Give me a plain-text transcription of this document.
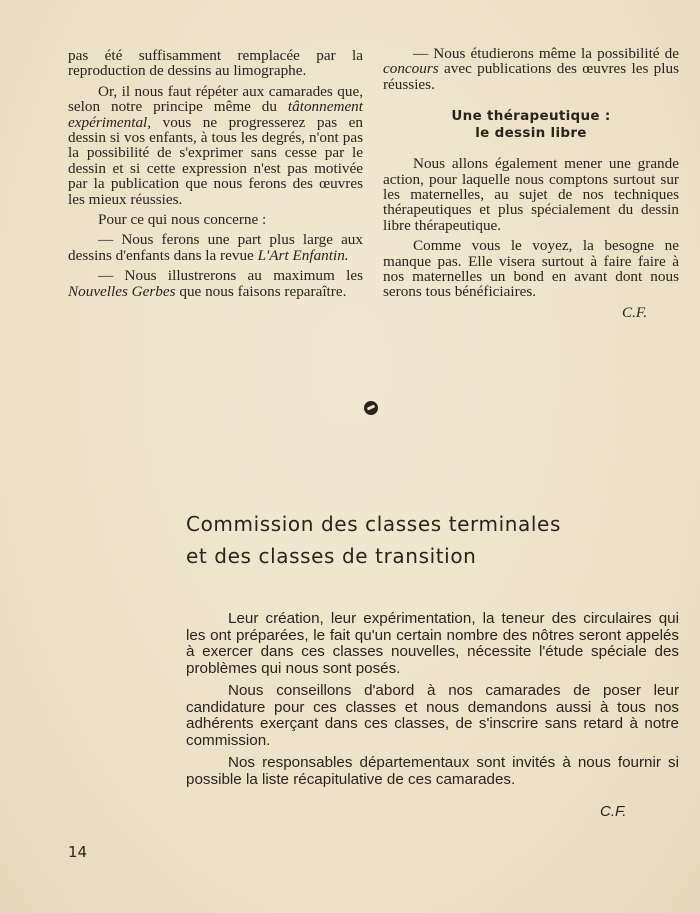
pas été suffisamment remplacée par la reproduction de dessins au limographe.

Or, il nous faut répéter aux camarades que, selon notre principe même du tâtonnement expérimental, vous ne progresserez pas en dessin si vos enfants, à tous les degrés, n'ont pas la possibilité de s'exprimer sans cesse par le dessin et si cette expression n'est pas motivée par la publication que nous ferons des œuvres les mieux réussies.

Pour ce qui nous concerne :

— Nous ferons une part plus large aux dessins d'enfants dans la revue L'Art Enfantin.

— Nous illustrerons au maximum les Nouvelles Gerbes que nous faisons reparaître.

— Nous étudierons même la possibilité de concours avec publications des œuvres les plus réussies.

Une thérapeutique :
le dessin libre

Nous allons également mener une grande action, pour laquelle nous comptons surtout sur les maternelles, au sujet de nos techniques thérapeutiques et plus spécialement du dessin libre thérapeutique.

Comme vous le voyez, la besogne ne manque pas. Elle visera surtout à faire faire à nos maternelles un bond en avant dont nous serons tous bénéficiaires.

C.F.
Commission des classes terminales
et des classes de transition

Leur création, leur expérimentation, la teneur des circulaires qui les ont préparées, le fait qu'un certain nombre des nôtres seront appelés à exercer dans ces classes nouvelles, nécessite l'étude spéciale des problèmes qui nous sont posés.

Nous conseillons d'abord à nos camarades de poser leur candidature pour ces classes et nous demandons aussi à tous nos adhérents exerçant dans ces classes, de s'inscrire sans retard à notre commission.

Nos responsables départementaux sont invités à nous fournir si possible la liste récapitulative de ces camarades.

C.F.
14
